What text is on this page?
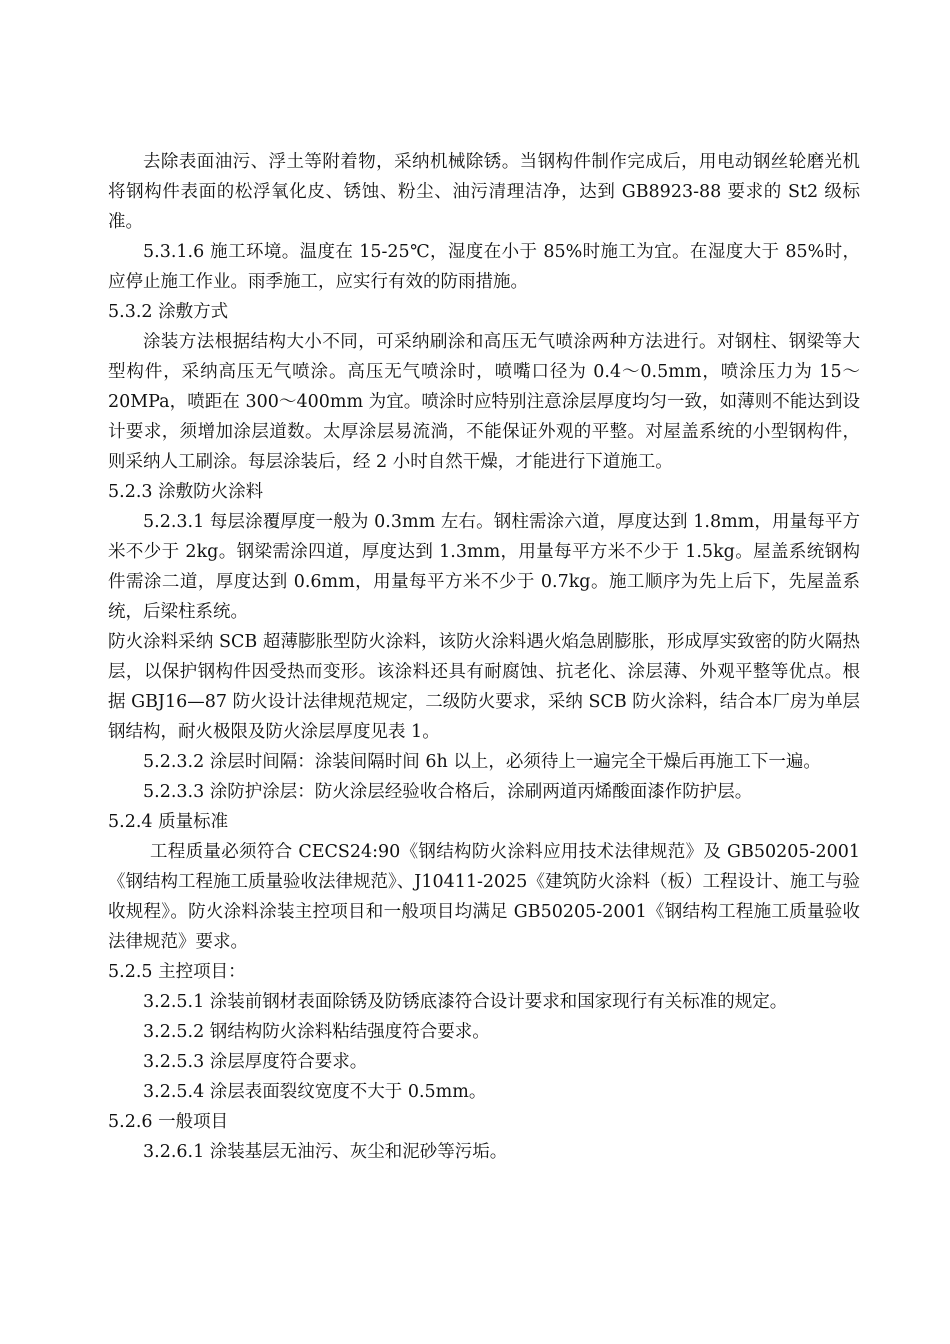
去除表面油污、浮土等附着物，采纳机械除锈。当钢构件制作完成后，用电动钢丝轮磨光机将钢构件表面的松浮氧化皮、锈蚀、粉尘、油污清理洁净，达到 GB8923-88 要求的 St2 级标准。

5.3.1.6 施工环境。温度在 15-25℃，湿度在小于 85%时施工为宜。在湿度大于 85%时，应停止施工作业。雨季施工，应实行有效的防雨措施。

5.3.2 涂敷方式

涂装方法根据结构大小不同，可采纳刷涂和高压无气喷涂两种方法进行。对钢柱、钢梁等大型构件，采纳高压无气喷涂。高压无气喷涂时，喷嘴口径为 0.4～0.5mm，喷涂压力为 15～20MPa，喷距在 300～400mm 为宜。喷涂时应特别注意涂层厚度均匀一致，如薄则不能达到设计要求，须增加涂层道数。太厚涂层易流淌，不能保证外观的平整。对屋盖系统的小型钢构件，则采纳人工刷涂。每层涂装后，经 2 小时自然干燥，才能进行下道施工。

5.2.3 涂敷防火涂料

5.2.3.1 每层涂覆厚度一般为 0.3mm 左右。钢柱需涂六道，厚度达到 1.8mm，用量每平方米不少于 2kg。钢梁需涂四道，厚度达到 1.3mm，用量每平方米不少于 1.5kg。屋盖系统钢构件需涂二道，厚度达到 0.6mm，用量每平方米不少于 0.7kg。施工顺序为先上后下，先屋盖系统，后梁柱系统。

防火涂料采纳 SCB 超薄膨胀型防火涂料，该防火涂料遇火焰急剧膨胀，形成厚实致密的防火隔热层，以保护钢构件因受热而变形。该涂料还具有耐腐蚀、抗老化、涂层薄、外观平整等优点。根据 GBJ16—87 防火设计法律规范规定，二级防火要求，采纳 SCB 防火涂料，结合本厂房为单层钢结构，耐火极限及防火涂层厚度见表 1。

5.2.3.2 涂层时间隔：涂装间隔时间 6h 以上，必须待上一遍完全干燥后再施工下一遍。

5.2.3.3 涂防护涂层：防火涂层经验收合格后，涂刷两道丙烯酸面漆作防护层。

5.2.4 质量标准

工程质量必须符合 CECS24:90《钢结构防火涂料应用技术法律规范》及 GB50205-2001《钢结构工程施工质量验收法律规范》、J10411-2025《建筑防火涂料（板）工程设计、施工与验收规程》。防火涂料涂装主控项目和一般项目均满足 GB50205-2001《钢结构工程施工质量验收法律规范》要求。

5.2.5 主控项目：

3.2.5.1 涂装前钢材表面除锈及防锈底漆符合设计要求和国家现行有关标准的规定。

3.2.5.2 钢结构防火涂料粘结强度符合要求。

3.2.5.3 涂层厚度符合要求。

3.2.5.4 涂层表面裂纹宽度不大于 0.5mm。

5.2.6 一般项目

3.2.6.1 涂装基层无油污、灰尘和泥砂等污垢。
